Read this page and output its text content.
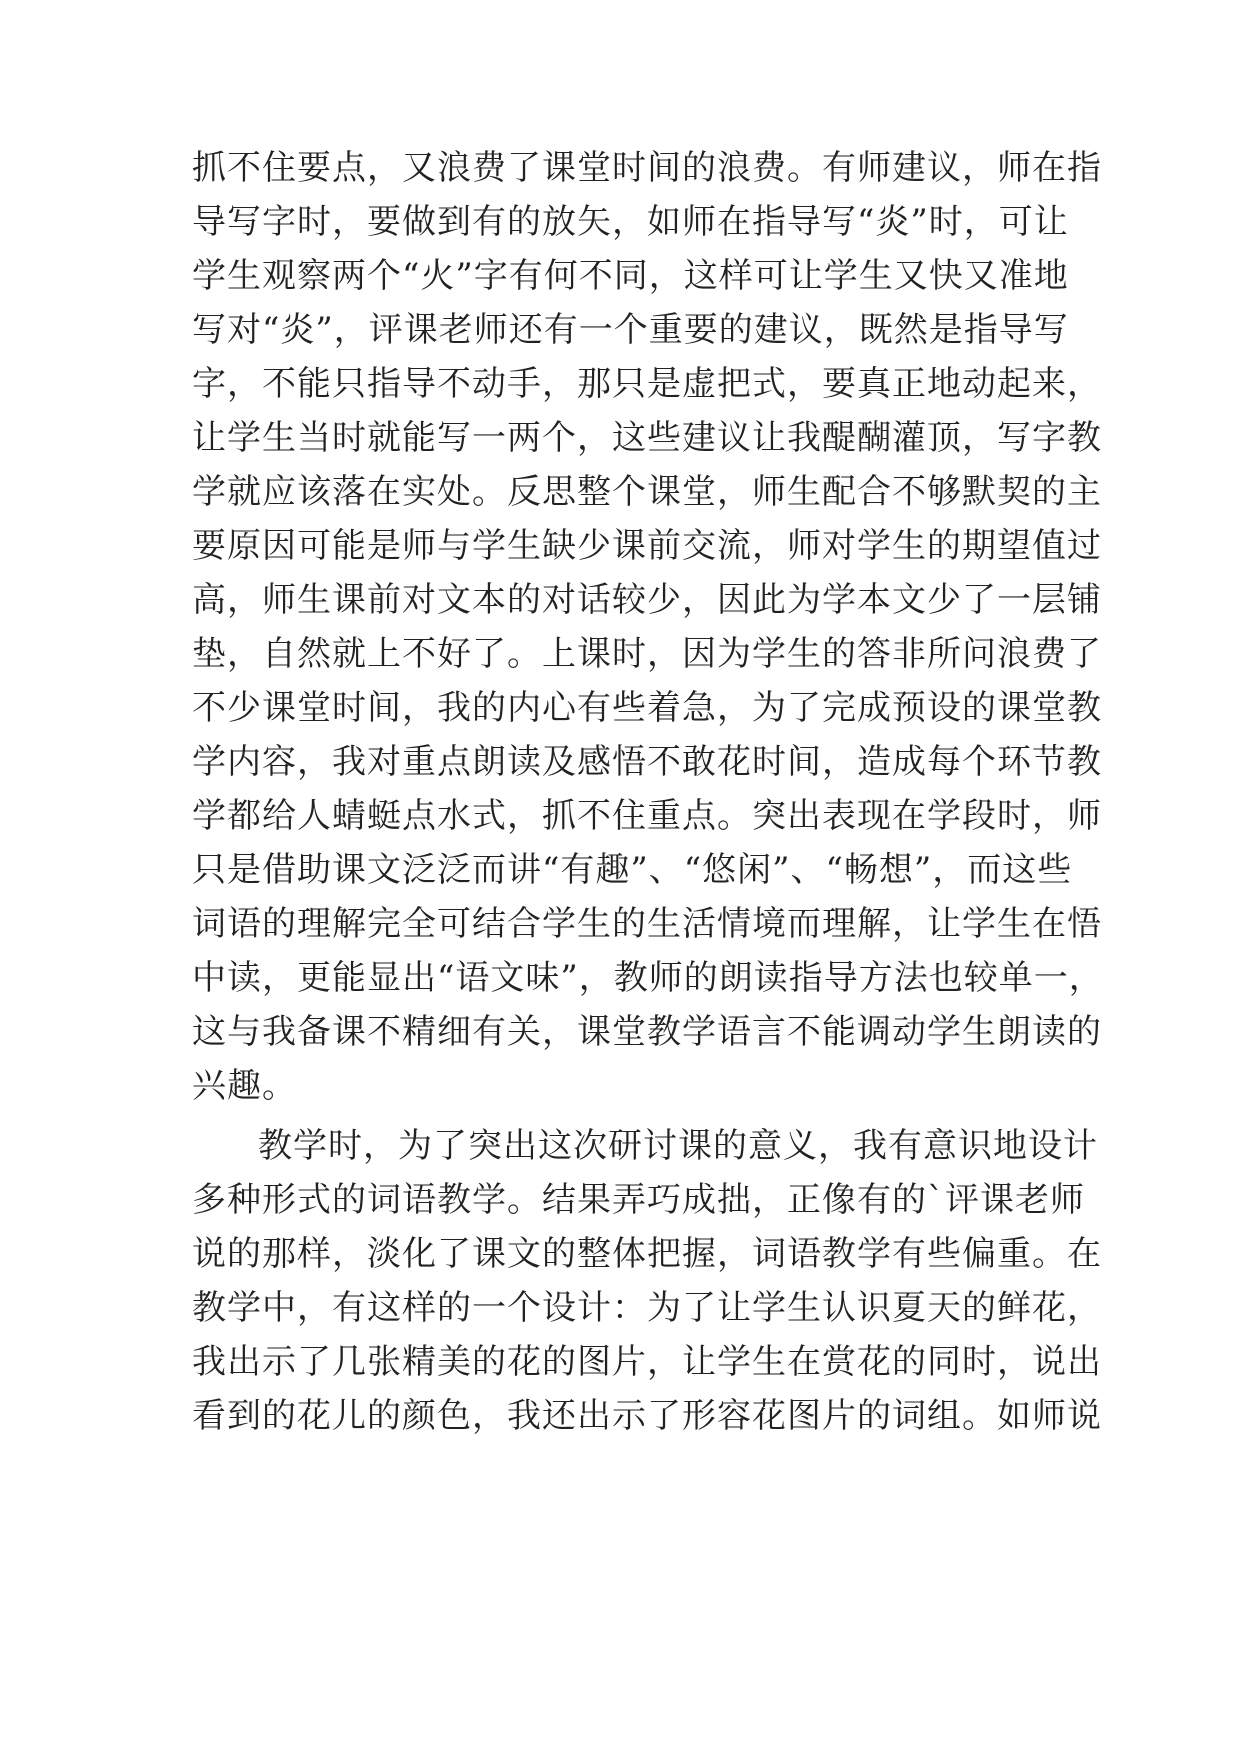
抓不住要点，又浪费了课堂时间的浪费。有师建议，师在指
导写字时，要做到有的放矢，如师在指导写“炎”时，可让
学生观察两个“火”字有何不同，这样可让学生又快又准地
写对“炎”，评课老师还有一个重要的建议，既然是指导写
字，不能只指导不动手，那只是虚把式，要真正地动起来，
让学生当时就能写一两个，这些建议让我醍醐灌顶，写字教
学就应该落在实处。反思整个课堂，师生配合不够默契的主
要原因可能是师与学生缺少课前交流，师对学生的期望值过
高，师生课前对文本的对话较少，因此为学本文少了一层铺
垫，自然就上不好了。上课时，因为学生的答非所问浪费了
不少课堂时间，我的内心有些着急，为了完成预设的课堂教
学内容，我对重点朗读及感悟不敢花时间，造成每个环节教
学都给人蜻蜓点水式，抓不住重点。突出表现在学段时，师
只是借助课文泛泛而讲“有趣”、“悠闲”、“畅想”，而这些
词语的理解完全可结合学生的生活情境而理解，让学生在悟
中读，更能显出“语文味”，教师的朗读指导方法也较单一，
这与我备课不精细有关，课堂教学语言不能调动学生朗读的
兴趣。
教学时，为了突出这次研讨课的意义，我有意识地设计
多种形式的词语教学。结果弄巧成拙，正像有的`评课老师
说的那样，淡化了课文的整体把握，词语教学有些偏重。在
教学中，有这样的一个设计：为了让学生认识夏天的鲜花，
我出示了几张精美的花的图片，让学生在赏花的同时，说出
看到的花儿的颜色，我还出示了形容花图片的词组。如师说
